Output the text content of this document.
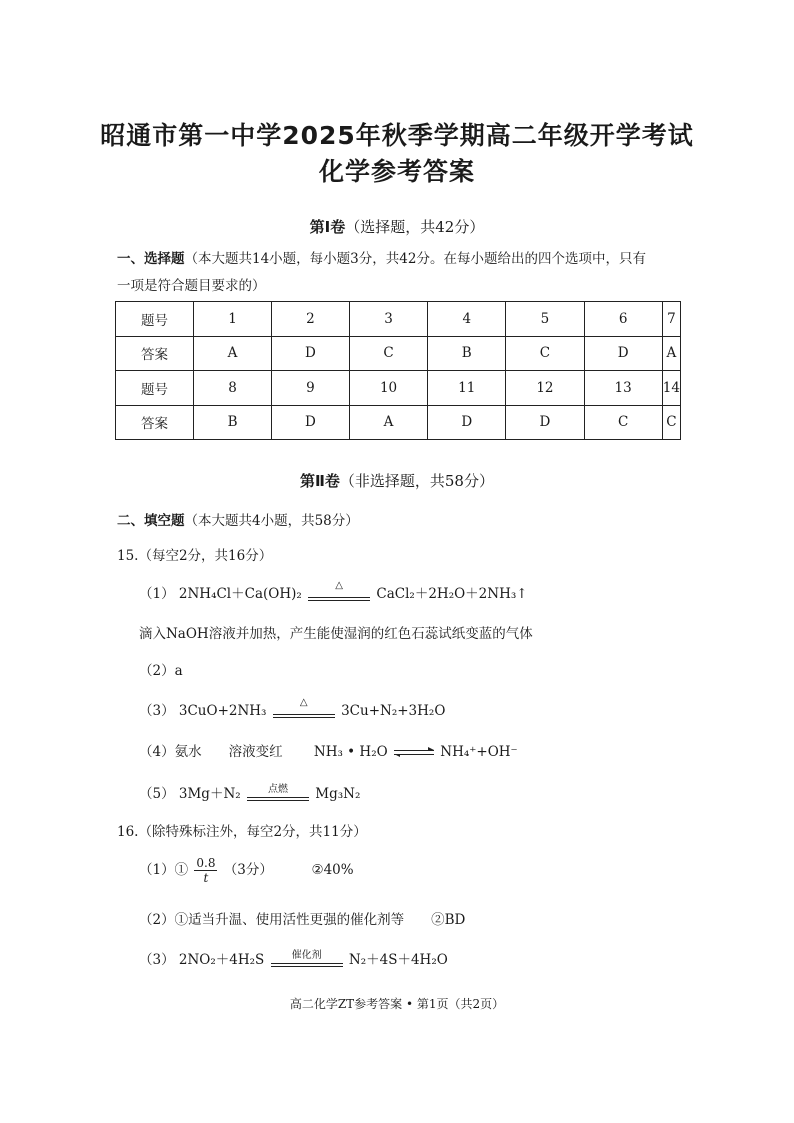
昭通市第一中学2025年秋季学期高二年级开学考试
化学参考答案
第Ⅰ卷（选择题，共42分）
一、选择题（本大题共14小题，每小题3分，共42分。在每小题给出的四个选项中，只有
一项是符合题目要求的）
题号	1	2	3	4	5	6	7
答案	A	D	C	B	C	D	A
题号	8	9	10	11	12	13	14
答案	B	D	A	D	D	C	C
第Ⅱ卷（非选择题，共58分）
二、填空题（本大题共4小题，共58分）
15.（每空2分，共16分）
（1） 2NH₄Cl＋Ca(OH)₂
△
CaCl₂＋2H₂O＋2NH₃↑
滴入NaOH溶液并加热，产生能使湿润的红色石蕊试纸变蓝的气体
（2）a
（3） 3CuO+2NH₃
△
3Cu+N₂+3H₂O
（4）氨水　　溶液变红　　 NH₃ • H₂O ⇌ NH₄⁺+OH⁻
（5） 3Mg＋N₂	点燃	Mg₃N₂
16.（除特殊标注外，每空2分，共11分）
（1）① $\frac{0.8}{t} (3$分）	②40%
（2）①适当升温、使用活性更强的催化剂等　　②BD
（3） 2NO₂＋4H₂S	催化剂	N₂＋4S＋4H₂O
高二化学ZT参考答案 • 第1页（共2页）
